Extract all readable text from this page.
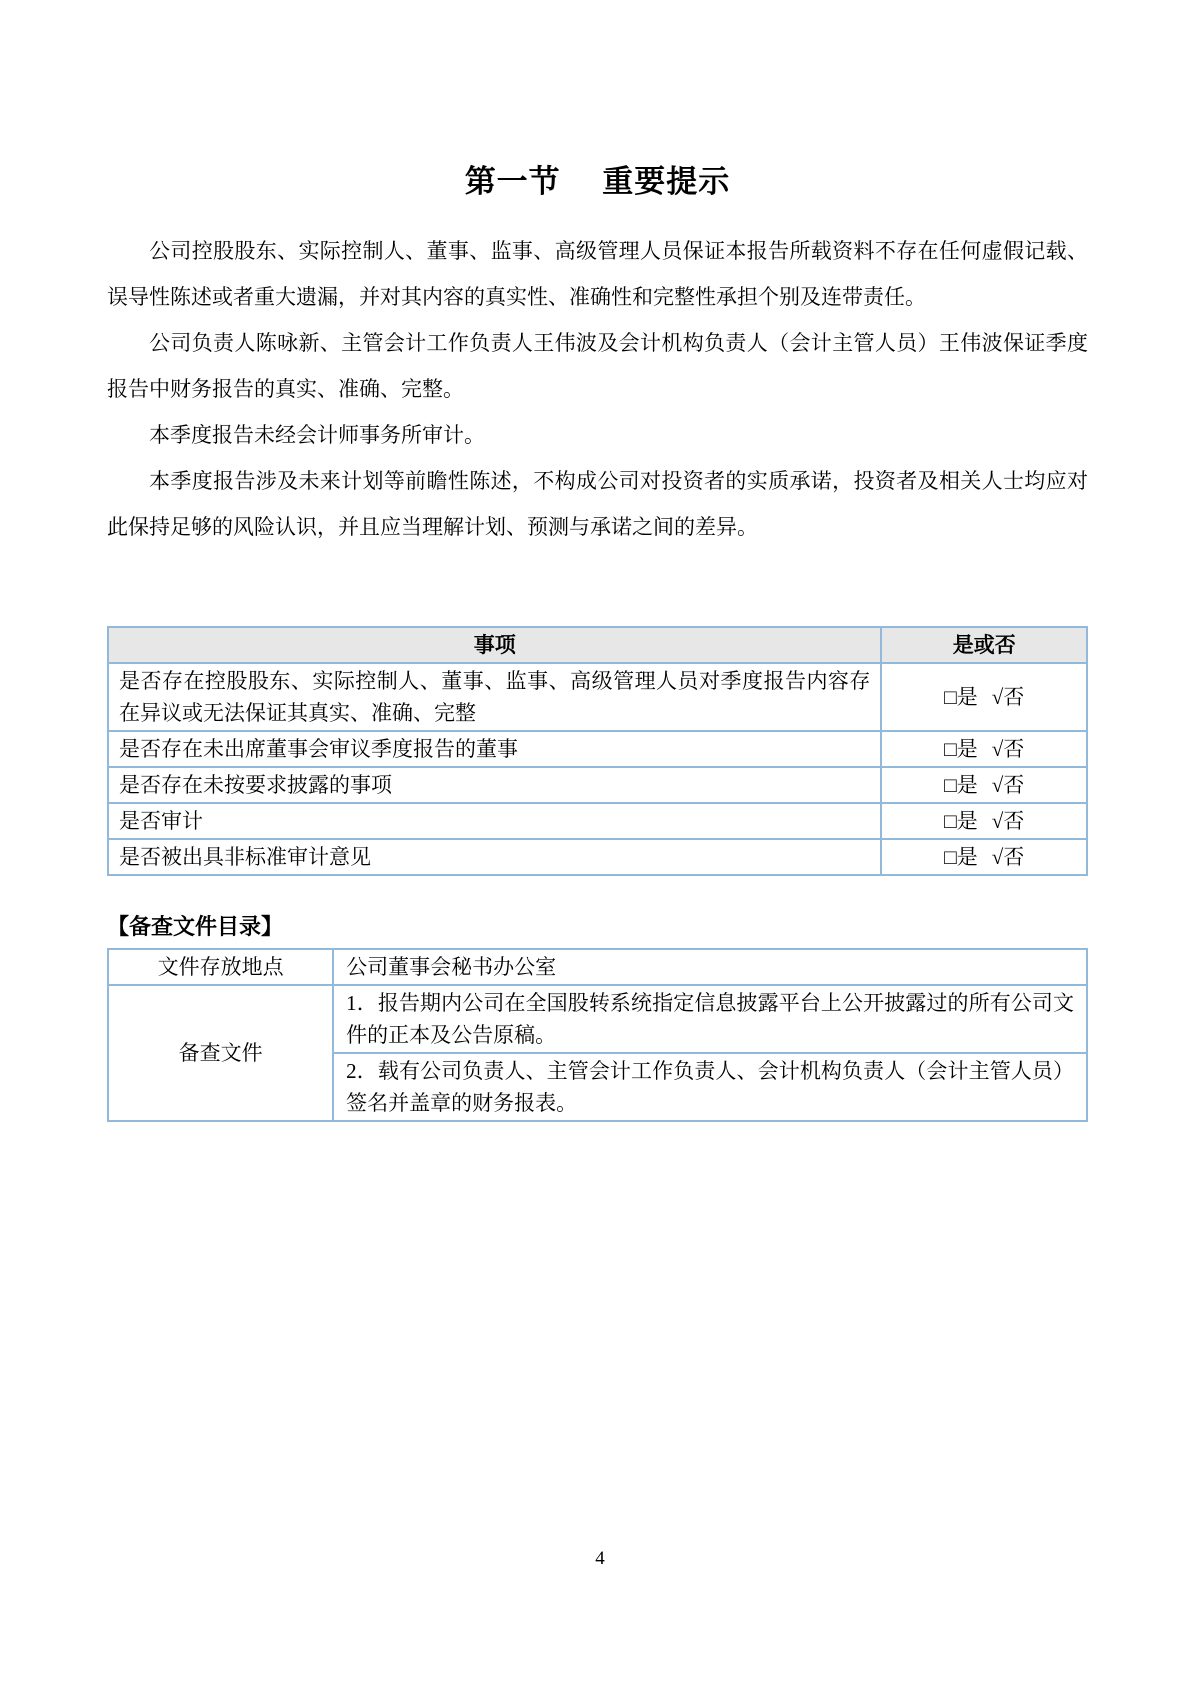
第一节　 重要提示

公司控股股东、实际控制人、董事、监事、高级管理人员保证本报告所载资料不存在任何虚假记载、误导性陈述或者重大遗漏，并对其内容的真实性、准确性和完整性承担个别及连带责任。

公司负责人陈咏新、主管会计工作负责人王伟波及会计机构负责人（会计主管人员）王伟波保证季度报告中财务报告的真实、准确、完整。

本季度报告未经会计师事务所审计。

本季度报告涉及未来计划等前瞻性陈述，不构成公司对投资者的实质承诺，投资者及相关人士均应对此保持足够的风险认识，并且应当理解计划、预测与承诺之间的差异。

事项	是或否
是否存在控股股东、实际控制人、董事、监事、高级管理人员对季度报告内容存在异议或无法保证其真实、准确、完整	□是 √否
是否存在未出席董事会审议季度报告的董事	□是 √否
是否存在未按要求披露的事项	□是 √否
是否审计	□是 √否
是否被出具非标准审计意见	□是 √否
【备查文件目录】
文件存放地点	公司董事会秘书办公室
备查文件	1．报告期内公司在全国股转系统指定信息披露平台上公开披露过的所有公司文件的正本及公告原稿。
	2．载有公司负责人、主管会计工作负责人、会计机构负责人（会计主管人员）签名并盖章的财务报表。
4
